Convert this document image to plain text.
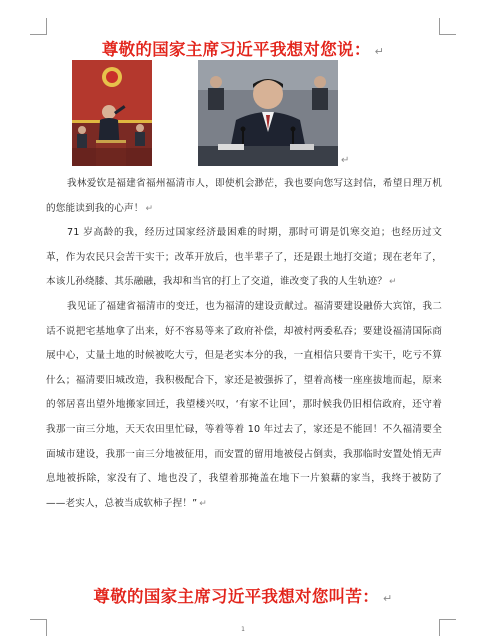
尊敬的国家主席习近平我想对您说： ↵
↵

我林爱钦是福建省福州福清市人，即使机会渺茫，我也要向您写这封信，希望日理万机的您能读到我的心声！ ↵

71 岁高龄的我，经历过国家经济最困难的时期，那时可谓是饥寒交迫；也经历过文革，作为农民只会苦干实干；改革开放后，也半辈子了，还是跟土地打交道；现在老年了，本该儿孙绕膝、其乐融融，我却和当官的打上了交道，谁改变了我的人生轨迹？ ↵

我见证了福建省福清市的变迁，也为福清的建设贡献过。福清要建设融侨大宾馆，我二话不说把宅基地拿了出来，好不容易等来了政府补偿，却被村两委私吞；要建设福清国际商展中心，丈量土地的时候被吃大亏，但是老实本分的我，一直相信只要肯干实干，吃亏不算什么；福清要旧城改造，我积极配合下，家还是被强拆了，望着高楼一座座拔地而起，原来的邻居喜出望外地搬家回迁，我望楼兴叹，‘有家不让回’，那时候我仍旧相信政府，还守着我那一亩三分地，天天农田里忙碌，等着等着 10 年过去了，家还是不能回！不久福清要全面城市建设，我那一亩三分地被征用，而安置的留用地被侵占倒卖，我那临时安置处悄无声息地被拆除，家没有了、地也没了，我望着那掩盖在地下一片狼藉的家当，我终于被防了——老实人，总被当成软柿子捏！” ↵

尊敬的国家主席习近平我想对您叫苦： ↵
1
